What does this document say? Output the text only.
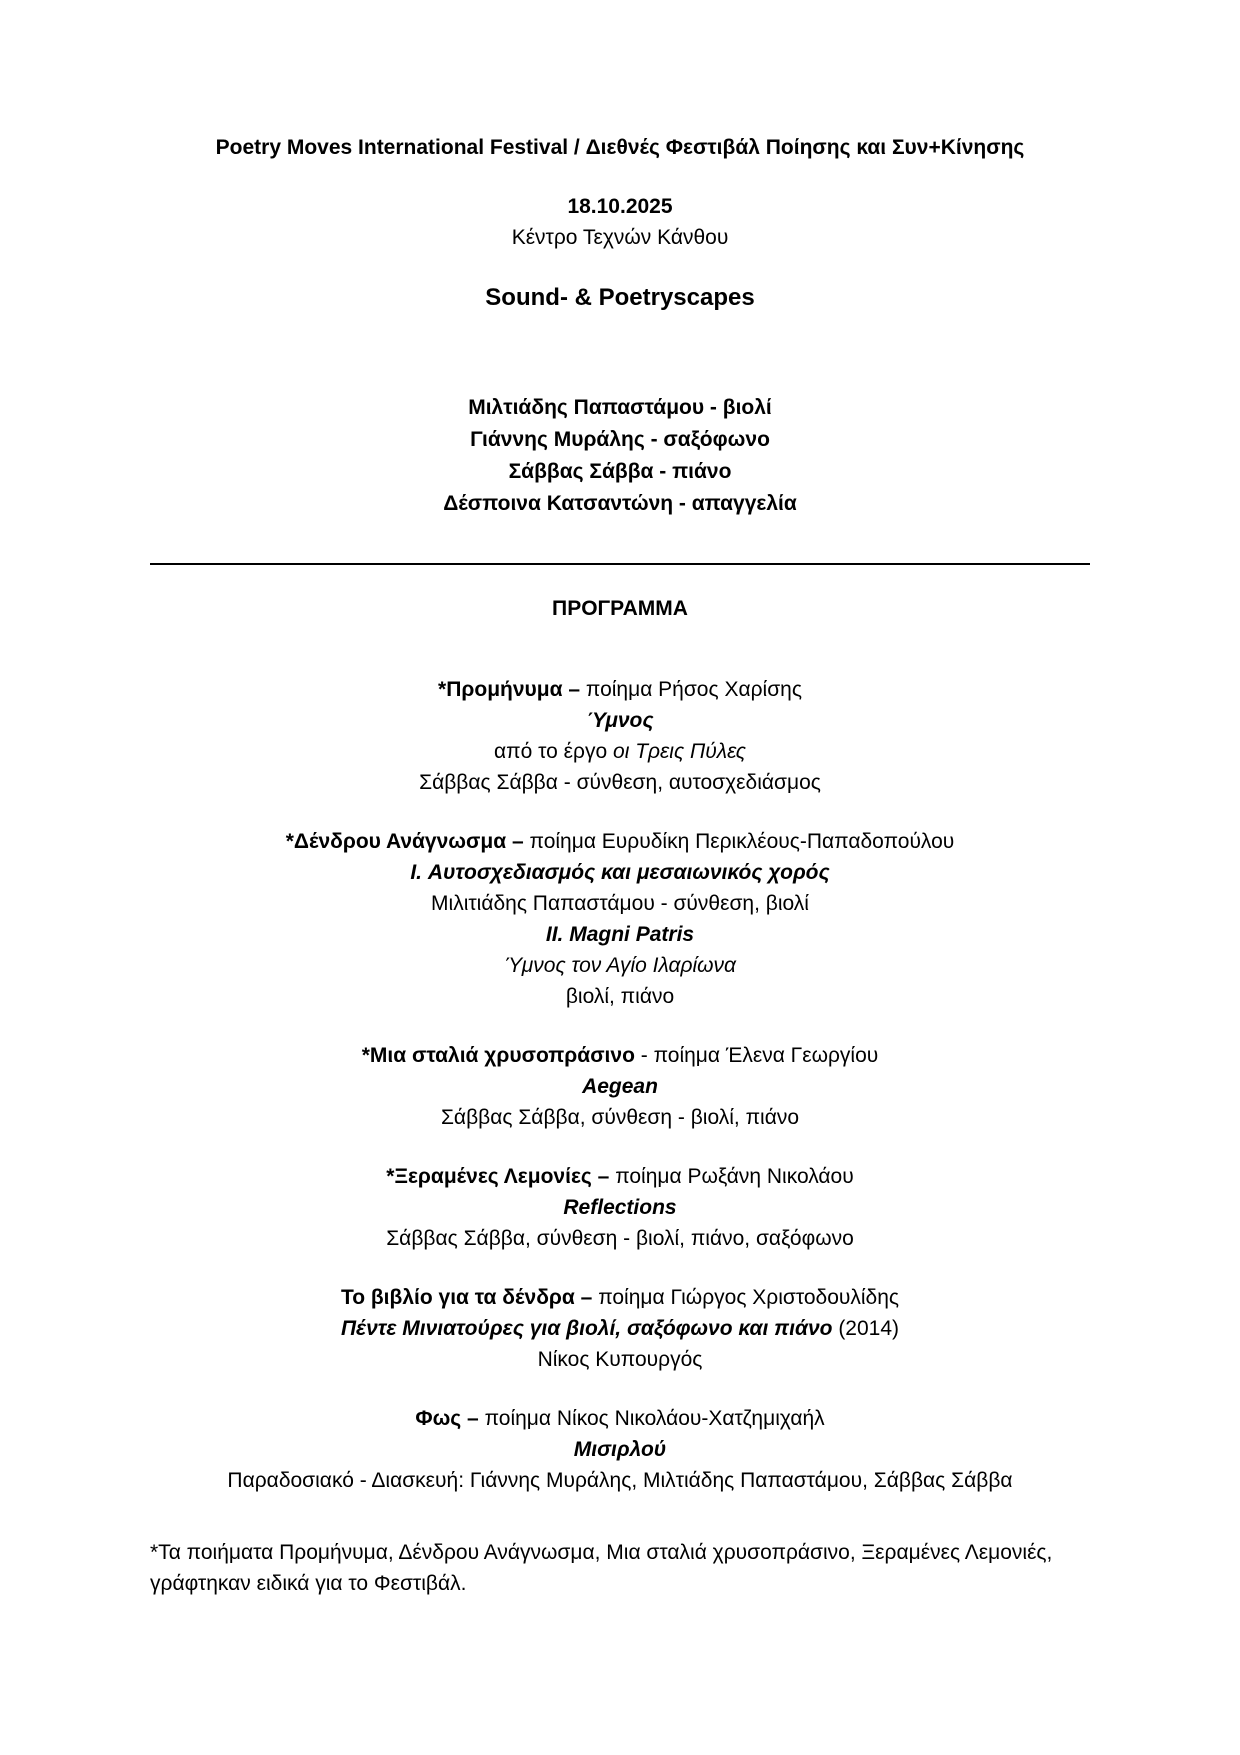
Poetry Moves International Festival / Διεθνές Φεστιβάλ Ποίησης και Συν+Κίνησης
18.10.2025
Κέντρο Τεχνών Κάνθου
Sound- & Poetryscapes
Μιλτιάδης Παπαστάμου - βιολί
Γιάννης Μυράλης - σαξόφωνο
Σάββας Σάββα - πιάνο
Δέσποινα Κατσαντώνη - απαγγελία
ΠΡΟΓΡΑΜΜΑ
*Προμήνυμα – ποίημα Ρήσος Χαρίσης
Ύμνος
από το έργο οι Τρεις Πύλες
Σάββας Σάββα - σύνθεση, αυτοσχεδιάσμος
*Δένδρου Ανάγνωσμα – ποίημα Ευρυδίκη Περικλέους-Παπαδοπούλου
I. Αυτοσχεδιασμός και μεσαιωνικός χορός
Μιλιτιάδης Παπαστάμου - σύνθεση, βιολί
II. Magni Patris
Ύμνος τον Αγίο Ιλαρίωνα
βιολί, πιάνο
*Μια σταλιά χρυσοπράσινο - ποίημα Έλενα Γεωργίου
Aegean
Σάββας Σάββα, σύνθεση - βιολί, πιάνο
*Ξεραμένες Λεμονίες – ποίημα Ρωξάνη Νικολάου
Reflections
Σάββας Σάββα, σύνθεση - βιολί, πιάνο, σαξόφωνο
Το βιβλίο για τα δένδρα – ποίημα Γιώργος Χριστοδουλίδης
Πέντε Μινιατούρες για βιολί, σαξόφωνο και πιάνο (2014)
Νίκος Κυπουργός
Φως – ποίημα Νίκος Νικολάου-Χατζημιχαήλ
Μισιρλού
Παραδοσιακό - Διασκευή: Γιάννης Μυράλης, Μιλτιάδης Παπαστάμου, Σάββας Σάββα
*Τα ποιήματα Προμήνυμα, Δένδρου Ανάγνωσμα, Μια σταλιά χρυσοπράσινο, Ξεραμένες Λεμονιές,
γράφτηκαν ειδικά για το Φεστιβάλ.
